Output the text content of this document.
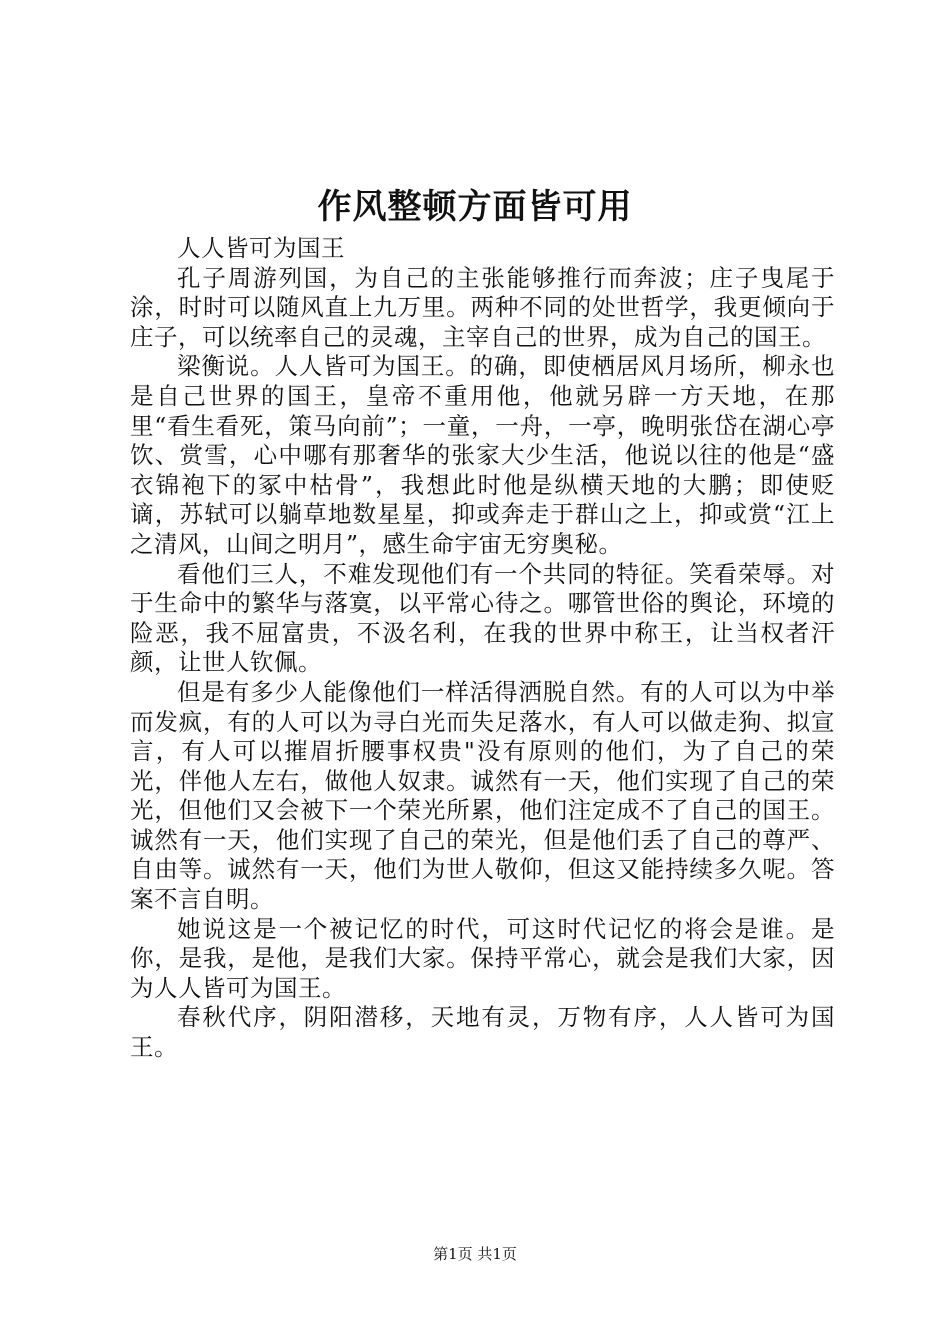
作风整顿方面皆可用

人人皆可为国王

孔子周游列国，为自己的主张能够推行而奔波；庄子曳尾于涂，时时可以随风直上九万里。两种不同的处世哲学，我更倾向于庄子，可以统率自己的灵魂，主宰自己的世界，成为自己的国王。

梁衡说。人人皆可为国王。的确，即使栖居风月场所，柳永也是自己世界的国王，皇帝不重用他，他就另辟一方天地，在那里“看生看死，策马向前”；一童，一舟，一亭，晚明张岱在湖心亭饮、赏雪，心中哪有那奢华的张家大少生活，他说以往的他是“盛衣锦袍下的冢中枯骨”，我想此时他是纵横天地的大鹏；即使贬谪，苏轼可以躺草地数星星，抑或奔走于群山之上，抑或赏“江上之清风，山间之明月”，感生命宇宙无穷奥秘。

看他们三人，不难发现他们有一个共同的特征。笑看荣辱。对于生命中的繁华与落寞，以平常心待之。哪管世俗的舆论，环境的险恶，我不屈富贵，不汲名利，在我的世界中称王，让当权者汗颜，让世人钦佩。

但是有多少人能像他们一样活得洒脱自然。有的人可以为中举而发疯，有的人可以为寻白光而失足落水，有人可以做走狗、拟宣言，有人可以摧眉折腰事权贵"没有原则的他们，为了自己的荣光，伴他人左右，做他人奴隶。诚然有一天，他们实现了自己的荣光，但他们又会被下一个荣光所累，他们注定成不了自己的国王。诚然有一天，他们实现了自己的荣光，但是他们丢了自己的尊严、自由等。诚然有一天，他们为世人敬仰，但这又能持续多久呢。答案不言自明。

她说这是一个被记忆的时代，可这时代记忆的将会是谁。是你，是我，是他，是我们大家。保持平常心，就会是我们大家，因为人人皆可为国王。

春秋代序，阴阳潜移，天地有灵，万物有序，人人皆可为国王。

第1页 共1页
